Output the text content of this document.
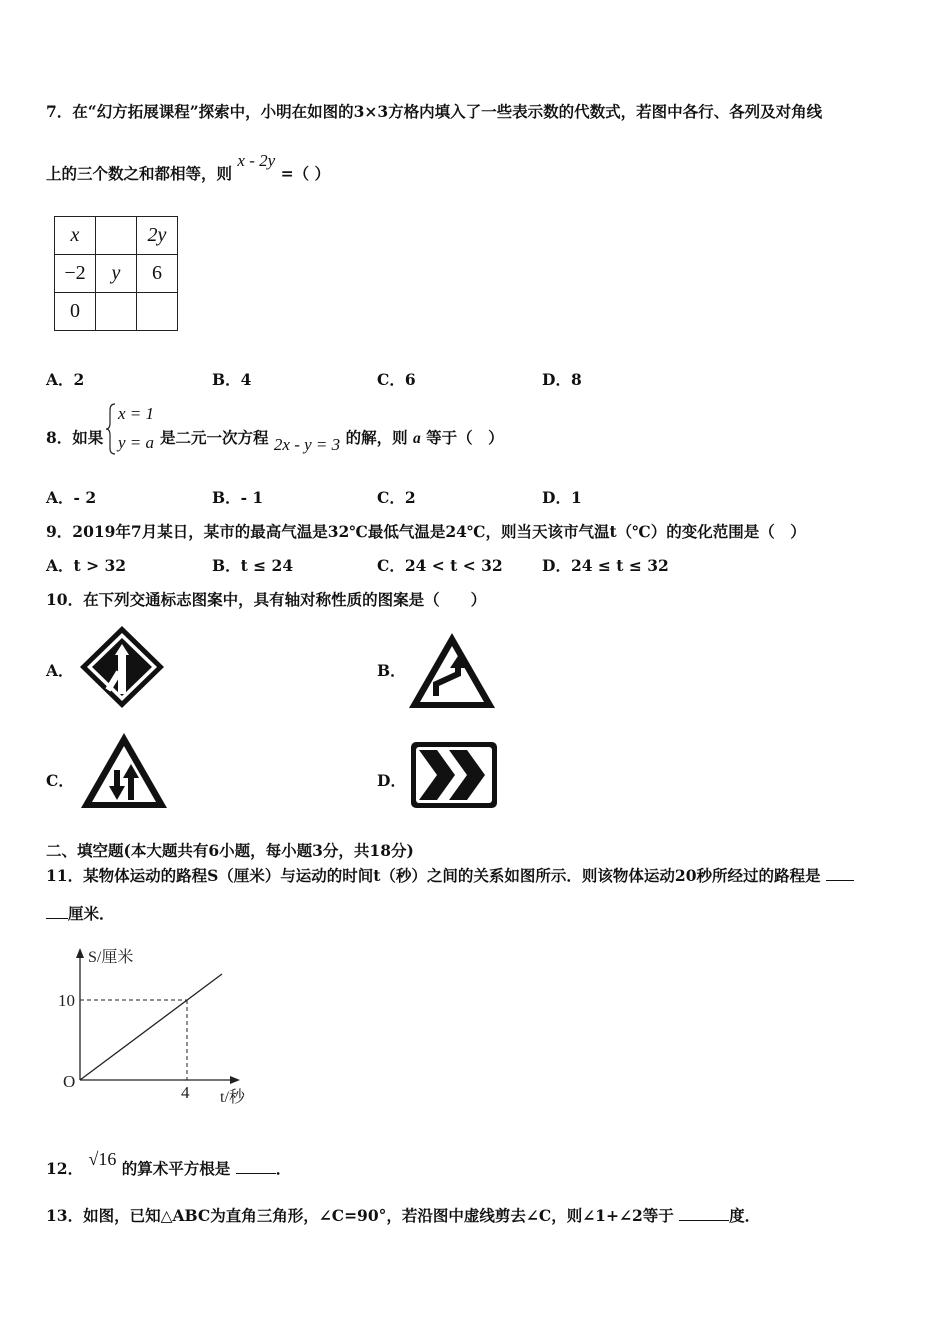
7．在“幻方拓展课程”探索中，小明在如图的3×3方格内填入了一些表示数的代数式，若图中各行、各列及对角线
上的三个数之和都相等，则 x - 2y =（ ）
x		2y
−2	y	6
0		
A．2	B．4	C．6	D．8
8．如果
x = 1
y = a 是二元一次方程 2x - y = 3 的解，则 a 等于（　）
A．- 2	B．- 1	C．2	D．1
9．2019年7月某日，某市的最高气温是32℃最低气温是24℃，则当天该市气温t（℃）的变化范围是（　）
A．t > 32	B．t ≤ 24	C．24 < t < 32	D．24 ≤ t ≤ 32
10．在下列交通标志图案中，具有轴对称性质的图案是（　　）
A．	B．
C．	D．
二、填空题(本大题共有6小题，每小题3分，共18分)
11．某物体运动的路程S（厘米）与运动的时间t（秒）之间的关系如图所示．则该物体运动20秒所经过的路程是
厘米．
S/厘米
10
O
4 t/秒
12． √16 的算术平方根是	．
13．如图，已知△ABC为直角三角形，∠C=90°，若沿图中虚线剪去∠C，则∠1+∠2等于	度．
